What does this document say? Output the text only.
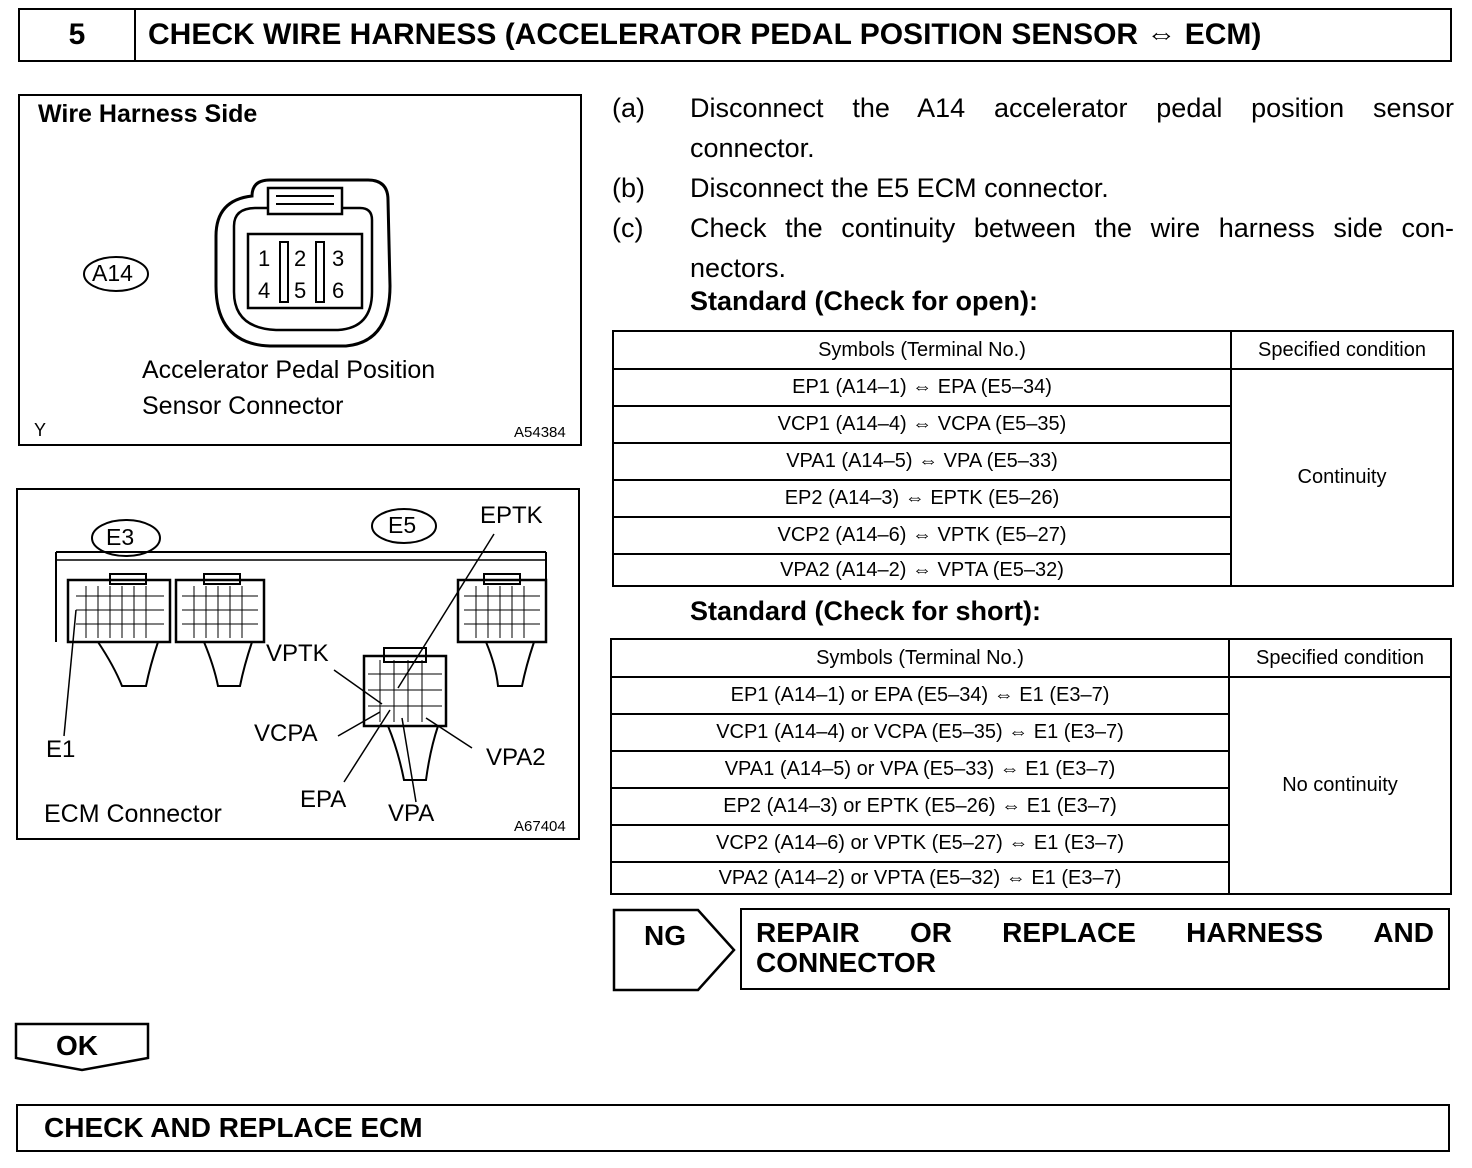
5	CHECK WIRE HARNESS (ACCELERATOR PEDAL POSITION SENSOR ⇔ ECM)
Wire Harness Side
A14
1 2 3
4 5 6
Accelerator Pedal Position
Sensor Connector
Y	A54384
E3	E5	EPTK
VPTK
VCPA
VPA2
E1
EPA
VPA
ECM Connector	A67404
(a)	Disconnect the A14 accelerator pedal position sensor
connector.
(b)	Disconnect the E5 ECM connector.
(c)	Check the continuity between the wire harness side con-
nectors.
Standard (Check for open):
Symbols (Terminal No.)	Specified condition
EP1 (A14–1) ⇔ EPA (E5–34)	Continuity
VCP1 (A14–4) ⇔ VCPA (E5–35)	
VPA1 (A14–5) ⇔ VPA (E5–33)	
EP2 (A14–3) ⇔ EPTK (E5–26)	
VCP2 (A14–6) ⇔ VPTK (E5–27)	
VPA2 (A14–2) ⇔ VPTA (E5–32)	
Standard (Check for short):
Symbols (Terminal No.)	Specified condition
EP1 (A14–1) or EPA (E5–34) ⇔ E1 (E3–7)	No continuity
VCP1 (A14–4) or VCPA (E5–35) ⇔ E1 (E3–7)	
VPA1 (A14–5) or VPA (E5–33) ⇔ E1 (E3–7)	
EP2 (A14–3) or EPTK (E5–26) ⇔ E1 (E3–7)	
VCP2 (A14–6) or VPTK (E5–27) ⇔ E1 (E3–7)	
VPA2 (A14–2) or VPTA (E5–32) ⇔ E1 (E3–7)	
NG	REPAIR OR REPLACE HARNESS AND
CONNECTOR
OK
CHECK AND REPLACE ECM
